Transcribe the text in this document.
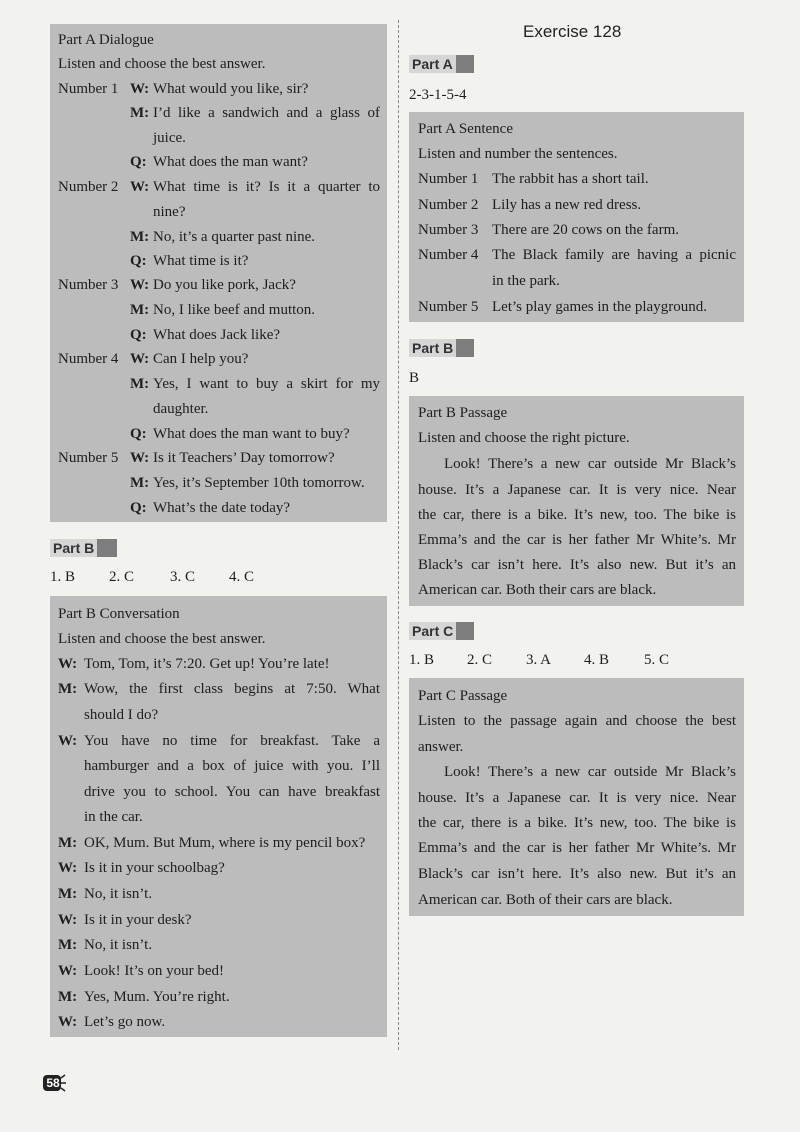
Exercise 128
Part A Dialogue
Listen and choose the best answer.
Number 1 W: What would you like, sir?
M: I’d like a sandwich and a glass of
juice.
Q: What does the man want?
Number 2 W: What time is it? Is it a quarter to
nine?
M: No, it’s a quarter past nine.
Q: What time is it?
Number 3 W: Do you like pork, Jack?
M: No, I like beef and mutton.
Q: What does Jack like?
Number 4 W: Can I help you?
M: Yes, I want to buy a skirt for my
daughter.
Q: What does the man want to buy?
Number 5 W: Is it Teachers’ Day tomorrow?
M: Yes, it’s September 10th tomorrow.
Q: What’s the date today?
Part B
1. B 2. C 3. C 4. C
Part B Conversation
Listen and choose the best answer.
W: Tom, Tom, it’s 7:20. Get up! You’re late!
M: Wow, the first class begins at 7:50. What
should I do?
W: You have no time for breakfast. Take a
hamburger and a box of juice with you. I’ll
drive you to school. You can have breakfast
in the car.
M: OK, Mum. But Mum, where is my pencil box?
W: Is it in your schoolbag?
M: No, it isn’t.
W: Is it in your desk?
M: No, it isn’t.
W: Look! It’s on your bed!
M: Yes, Mum. You’re right.
W: Let’s go now.
Part A
2-3-1-5-4
Part A Sentence
Listen and number the sentences.
Number 1 The rabbit has a short tail.
Number 2 Lily has a new red dress.
Number 3 There are 20 cows on the farm.
Number 4 The Black family are having a picnic
in the park.
Number 5 Let’s play games in the playground.
Part B
B
Part B Passage
Listen and choose the right picture.
Look! There’s a new car outside Mr Black’s
house. It’s a Japanese car. It is very nice. Near
the car, there is a bike. It’s new, too. The bike is
Emma’s and the car is her father Mr White’s. Mr
Black’s car isn’t here. It’s also new. But it’s an
American car. Both their cars are black.
Part C
1. B 2. C 3. A 4. B 5. C
Part C Passage
Listen to the passage again and choose the best
answer.
Look! There’s a new car outside Mr Black’s
house. It’s a Japanese car. It is very nice. Near
the car, there is a bike. It’s new, too. The bike is
Emma’s and the car is her father Mr White’s. Mr
Black’s car isn’t here. It’s also new. But it’s an
American car. Both of their cars are black.
58
